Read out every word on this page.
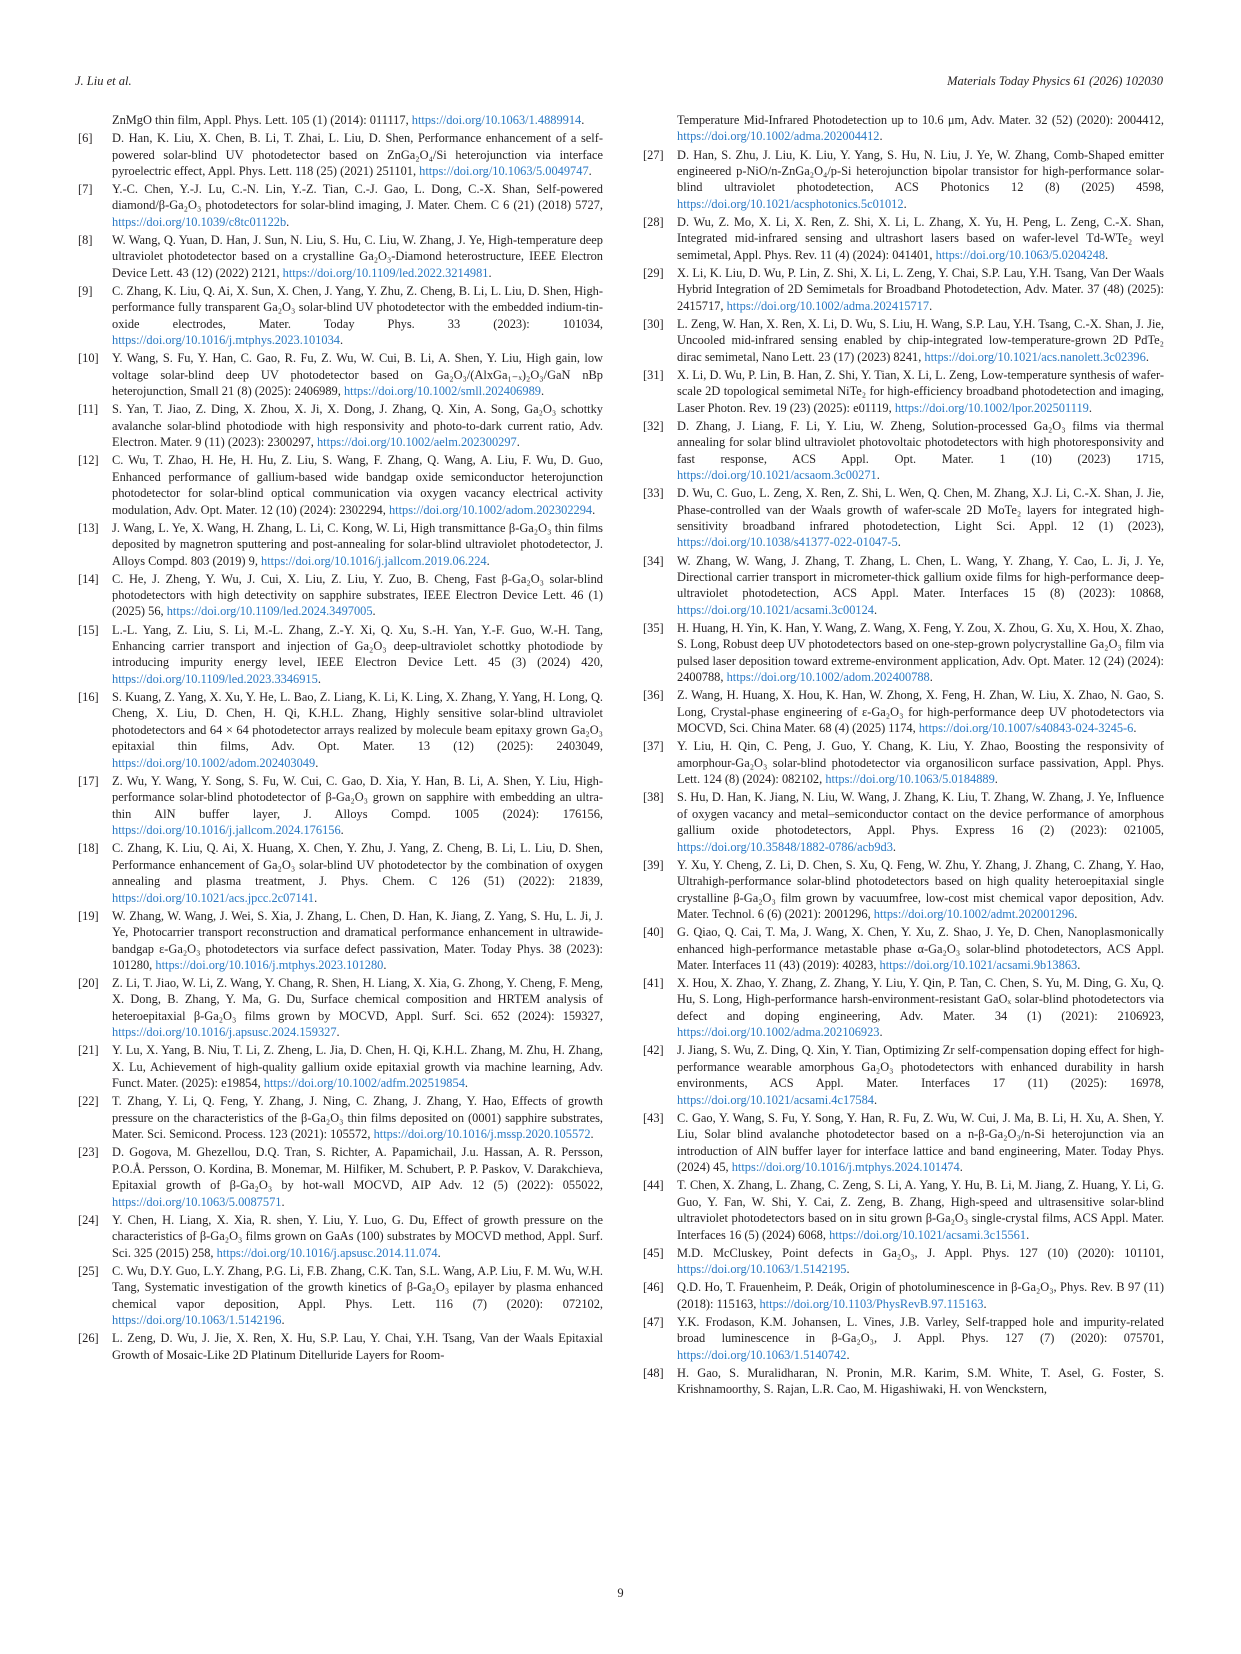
J. Liu et al.	Materials Today Physics 61 (2026) 102030

ZnMgO thin film, Appl. Phys. Lett. 105 (1) (2014): 011117, https://doi.org/10.1063/1.4889914.

[6] D. Han, K. Liu, X. Chen, B. Li, T. Zhai, L. Liu, D. Shen, Performance enhancement of a self-powered solar-blind UV photodetector based on ZnGa₂O₄/Si heterojunction via interface pyroelectric effect, Appl. Phys. Lett. 118 (25) (2021) 251101, https://doi.org/10.1063/5.0049747.

[7] Y.-C. Chen, Y.-J. Lu, C.-N. Lin, Y.-Z. Tian, C.-J. Gao, L. Dong, C.-X. Shan, Self-powered diamond/β-Ga₂O₃ photodetectors for solar-blind imaging, J. Mater. Chem. C 6 (21) (2018) 5727, https://doi.org/10.1039/c8tc01122b.

[8] W. Wang, Q. Yuan, D. Han, J. Sun, N. Liu, S. Hu, C. Liu, W. Zhang, J. Ye, High-temperature deep ultraviolet photodetector based on a crystalline Ga₂O₃-Diamond heterostructure, IEEE Electron Device Lett. 43 (12) (2022) 2121, https://doi.org/10.1109/led.2022.3214981.

[9] C. Zhang, K. Liu, Q. Ai, X. Sun, X. Chen, J. Yang, Y. Zhu, Z. Cheng, B. Li, L. Liu, D. Shen, High-performance fully transparent Ga₂O₃ solar-blind UV photodetector with the embedded indium-tin-oxide electrodes, Mater. Today Phys. 33 (2023): 101034, https://doi.org/10.1016/j.mtphys.2023.101034.

[10] Y. Wang, S. Fu, Y. Han, C. Gao, R. Fu, Z. Wu, W. Cui, B. Li, A. Shen, Y. Liu, High gain, low voltage solar-blind deep UV photodetector based on Ga₂O₃/(AlxGa₁₋ₓ)₂O₃/GaN nBp heterojunction, Small 21 (8) (2025): 2406989, https://doi.org/10.1002/smll.202406989.

[11] S. Yan, T. Jiao, Z. Ding, X. Zhou, X. Ji, X. Dong, J. Zhang, Q. Xin, A. Song, Ga₂O₃ schottky avalanche solar-blind photodiode with high responsivity and photo-to-dark current ratio, Adv. Electron. Mater. 9 (11) (2023): 2300297, https://doi.org/10.1002/aelm.202300297.

[12] C. Wu, T. Zhao, H. He, H. Hu, Z. Liu, S. Wang, F. Zhang, Q. Wang, A. Liu, F. Wu, D. Guo, Enhanced performance of gallium-based wide bandgap oxide semiconductor heterojunction photodetector for solar-blind optical communication via oxygen vacancy electrical activity modulation, Adv. Opt. Mater. 12 (10) (2024): 2302294, https://doi.org/10.1002/adom.202302294.

[13] J. Wang, L. Ye, X. Wang, H. Zhang, L. Li, C. Kong, W. Li, High transmittance β-Ga₂O₃ thin films deposited by magnetron sputtering and post-annealing for solar-blind ultraviolet photodetector, J. Alloys Compd. 803 (2019) 9, https://doi.org/10.1016/j.jallcom.2019.06.224.

[14] C. He, J. Zheng, Y. Wu, J. Cui, X. Liu, Z. Liu, Y. Zuo, B. Cheng, Fast β-Ga₂O₃ solar-blind photodetectors with high detectivity on sapphire substrates, IEEE Electron Device Lett. 46 (1) (2025) 56, https://doi.org/10.1109/led.2024.3497005.

[15] L.-L. Yang, Z. Liu, S. Li, M.-L. Zhang, Z.-Y. Xi, Q. Xu, S.-H. Yan, Y.-F. Guo, W.-H. Tang, Enhancing carrier transport and injection of Ga₂O₃ deep-ultraviolet schottky photodiode by introducing impurity energy level, IEEE Electron Device Lett. 45 (3) (2024) 420, https://doi.org/10.1109/led.2023.3346915.

[16] S. Kuang, Z. Yang, X. Xu, Y. He, L. Bao, Z. Liang, K. Li, K. Ling, X. Zhang, Y. Yang, H. Long, Q. Cheng, X. Liu, D. Chen, H. Qi, K.H.L. Zhang, Highly sensitive solar-blind ultraviolet photodetectors and 64 × 64 photodetector arrays realized by molecule beam epitaxy grown Ga₂O₃ epitaxial thin films, Adv. Opt. Mater. 13 (12) (2025): 2403049, https://doi.org/10.1002/adom.202403049.

[17] Z. Wu, Y. Wang, Y. Song, S. Fu, W. Cui, C. Gao, D. Xia, Y. Han, B. Li, A. Shen, Y. Liu, High-performance solar-blind photodetector of β-Ga₂O₃ grown on sapphire with embedding an ultra-thin AlN buffer layer, J. Alloys Compd. 1005 (2024): 176156, https://doi.org/10.1016/j.jallcom.2024.176156.

[18] C. Zhang, K. Liu, Q. Ai, X. Huang, X. Chen, Y. Zhu, J. Yang, Z. Cheng, B. Li, L. Liu, D. Shen, Performance enhancement of Ga₂O₃ solar-blind UV photodetector by the combination of oxygen annealing and plasma treatment, J. Phys. Chem. C 126 (51) (2022): 21839, https://doi.org/10.1021/acs.jpcc.2c07141.

[19] W. Zhang, W. Wang, J. Wei, S. Xia, J. Zhang, L. Chen, D. Han, K. Jiang, Z. Yang, S. Hu, L. Ji, J. Ye, Photocarrier transport reconstruction and dramatical performance enhancement in ultrawide-bandgap ε-Ga₂O₃ photodetectors via surface defect passivation, Mater. Today Phys. 38 (2023): 101280, https://doi.org/10.1016/j.mtphys.2023.101280.

[20] Z. Li, T. Jiao, W. Li, Z. Wang, Y. Chang, R. Shen, H. Liang, X. Xia, G. Zhong, Y. Cheng, F. Meng, X. Dong, B. Zhang, Y. Ma, G. Du, Surface chemical composition and HRTEM analysis of heteroepitaxial β-Ga₂O₃ films grown by MOCVD, Appl. Surf. Sci. 652 (2024): 159327, https://doi.org/10.1016/j.apsusc.2024.159327.

[21] Y. Lu, X. Yang, B. Niu, T. Li, Z. Zheng, L. Jia, D. Chen, H. Qi, K.H.L. Zhang, M. Zhu, H. Zhang, X. Lu, Achievement of high-quality gallium oxide epitaxial growth via machine learning, Adv. Funct. Mater. (2025): e19854, https://doi.org/10.1002/adfm.202519854.

[22] T. Zhang, Y. Li, Q. Feng, Y. Zhang, J. Ning, C. Zhang, J. Zhang, Y. Hao, Effects of growth pressure on the characteristics of the β-Ga₂O₃ thin films deposited on (0001) sapphire substrates, Mater. Sci. Semicond. Process. 123 (2021): 105572, https://doi.org/10.1016/j.mssp.2020.105572.

[23] D. Gogova, M. Ghezellou, D.Q. Tran, S. Richter, A. Papamichail, J.u. Hassan, A. R. Persson, P.O.Å. Persson, O. Kordina, B. Monemar, M. Hilfiker, M. Schubert, P. P. Paskov, V. Darakchieva, Epitaxial growth of β-Ga₂O₃ by hot-wall MOCVD, AIP Adv. 12 (5) (2022): 055022, https://doi.org/10.1063/5.0087571.

[24] Y. Chen, H. Liang, X. Xia, R. shen, Y. Liu, Y. Luo, G. Du, Effect of growth pressure on the characteristics of β-Ga₂O₃ films grown on GaAs (100) substrates by MOCVD method, Appl. Surf. Sci. 325 (2015) 258, https://doi.org/10.1016/j.apsusc.2014.11.074.

[25] C. Wu, D.Y. Guo, L.Y. Zhang, P.G. Li, F.B. Zhang, C.K. Tan, S.L. Wang, A.P. Liu, F. M. Wu, W.H. Tang, Systematic investigation of the growth kinetics of β-Ga₂O₃ epilayer by plasma enhanced chemical vapor deposition, Appl. Phys. Lett. 116 (7) (2020): 072102, https://doi.org/10.1063/1.5142196.

[26] L. Zeng, D. Wu, J. Jie, X. Ren, X. Hu, S.P. Lau, Y. Chai, Y.H. Tsang, Van der Waals Epitaxial Growth of Mosaic-Like 2D Platinum Ditelluride Layers for Room-

Temperature Mid-Infrared Photodetection up to 10.6 μm, Adv. Mater. 32 (52) (2020): 2004412, https://doi.org/10.1002/adma.202004412.

[27] D. Han, S. Zhu, J. Liu, K. Liu, Y. Yang, S. Hu, N. Liu, J. Ye, W. Zhang, Comb-Shaped emitter engineered p-NiO/n-ZnGa₂O₄/p-Si heterojunction bipolar transistor for high-performance solar-blind ultraviolet photodetection, ACS Photonics 12 (8) (2025) 4598, https://doi.org/10.1021/acsphotonics.5c01012.

[28] D. Wu, Z. Mo, X. Li, X. Ren, Z. Shi, X. Li, L. Zhang, X. Yu, H. Peng, L. Zeng, C.-X. Shan, Integrated mid-infrared sensing and ultrashort lasers based on wafer-level Td-WTe₂ weyl semimetal, Appl. Phys. Rev. 11 (4) (2024): 041401, https://doi.org/10.1063/5.0204248.

[29] X. Li, K. Liu, D. Wu, P. Lin, Z. Shi, X. Li, L. Zeng, Y. Chai, S.P. Lau, Y.H. Tsang, Van Der Waals Hybrid Integration of 2D Semimetals for Broadband Photodetection, Adv. Mater. 37 (48) (2025): 2415717, https://doi.org/10.1002/adma.202415717.

[30] L. Zeng, W. Han, X. Ren, X. Li, D. Wu, S. Liu, H. Wang, S.P. Lau, Y.H. Tsang, C.-X. Shan, J. Jie, Uncooled mid-infrared sensing enabled by chip-integrated low-temperature-grown 2D PdTe₂ dirac semimetal, Nano Lett. 23 (17) (2023) 8241, https://doi.org/10.1021/acs.nanolett.3c02396.

[31] X. Li, D. Wu, P. Lin, B. Han, Z. Shi, Y. Tian, X. Li, L. Zeng, Low-temperature synthesis of wafer-scale 2D topological semimetal NiTe₂ for high-efficiency broadband photodetection and imaging, Laser Photon. Rev. 19 (23) (2025): e01119, https://doi.org/10.1002/lpor.202501119.

[32] D. Zhang, J. Liang, F. Li, Y. Liu, W. Zheng, Solution-processed Ga₂O₃ films via thermal annealing for solar blind ultraviolet photovoltaic photodetectors with high photoresponsivity and fast response, ACS Appl. Opt. Mater. 1 (10) (2023) 1715, https://doi.org/10.1021/acsaom.3c00271.

[33] D. Wu, C. Guo, L. Zeng, X. Ren, Z. Shi, L. Wen, Q. Chen, M. Zhang, X.J. Li, C.-X. Shan, J. Jie, Phase-controlled van der Waals growth of wafer-scale 2D MoTe₂ layers for integrated high-sensitivity broadband infrared photodetection, Light Sci. Appl. 12 (1) (2023), https://doi.org/10.1038/s41377-022-01047-5.

[34] W. Zhang, W. Wang, J. Zhang, T. Zhang, L. Chen, L. Wang, Y. Zhang, Y. Cao, L. Ji, J. Ye, Directional carrier transport in micrometer-thick gallium oxide films for high-performance deep-ultraviolet photodetection, ACS Appl. Mater. Interfaces 15 (8) (2023): 10868, https://doi.org/10.1021/acsami.3c00124.

[35] H. Huang, H. Yin, K. Han, Y. Wang, Z. Wang, X. Feng, Y. Zou, X. Zhou, G. Xu, X. Hou, X. Zhao, S. Long, Robust deep UV photodetectors based on one-step-grown polycrystalline Ga₂O₃ film via pulsed laser deposition toward extreme-environment application, Adv. Opt. Mater. 12 (24) (2024): 2400788, https://doi.org/10.1002/adom.202400788.

[36] Z. Wang, H. Huang, X. Hou, K. Han, W. Zhong, X. Feng, H. Zhan, W. Liu, X. Zhao, N. Gao, S. Long, Crystal-phase engineering of ε-Ga₂O₃ for high-performance deep UV photodetectors via MOCVD, Sci. China Mater. 68 (4) (2025) 1174, https://doi.org/10.1007/s40843-024-3245-6.

[37] Y. Liu, H. Qin, C. Peng, J. Guo, Y. Chang, K. Liu, Y. Zhao, Boosting the responsivity of amorphour-Ga₂O₃ solar-blind photodetector via organosilicon surface passivation, Appl. Phys. Lett. 124 (8) (2024): 082102, https://doi.org/10.1063/5.0184889.

[38] S. Hu, D. Han, K. Jiang, N. Liu, W. Wang, J. Zhang, K. Liu, T. Zhang, W. Zhang, J. Ye, Influence of oxygen vacancy and metal–semiconductor contact on the device performance of amorphous gallium oxide photodetectors, Appl. Phys. Express 16 (2) (2023): 021005, https://doi.org/10.35848/1882-0786/acb9d3.

[39] Y. Xu, Y. Cheng, Z. Li, D. Chen, S. Xu, Q. Feng, W. Zhu, Y. Zhang, J. Zhang, C. Zhang, Y. Hao, Ultrahigh-performance solar-blind photodetectors based on high quality heteroepitaxial single crystalline β-Ga₂O₃ film grown by vacuumfree, low-cost mist chemical vapor deposition, Adv. Mater. Technol. 6 (6) (2021): 2001296, https://doi.org/10.1002/admt.202001296.

[40] G. Qiao, Q. Cai, T. Ma, J. Wang, X. Chen, Y. Xu, Z. Shao, J. Ye, D. Chen, Nanoplasmonically enhanced high-performance metastable phase α-Ga₂O₃ solar-blind photodetectors, ACS Appl. Mater. Interfaces 11 (43) (2019): 40283, https://doi.org/10.1021/acsami.9b13863.

[41] X. Hou, X. Zhao, Y. Zhang, Z. Zhang, Y. Liu, Y. Qin, P. Tan, C. Chen, S. Yu, M. Ding, G. Xu, Q. Hu, S. Long, High-performance harsh-environment-resistant GaOₓ solar-blind photodetectors via defect and doping engineering, Adv. Mater. 34 (1) (2021): 2106923, https://doi.org/10.1002/adma.202106923.

[42] J. Jiang, S. Wu, Z. Ding, Q. Xin, Y. Tian, Optimizing Zr self-compensation doping effect for high-performance wearable amorphous Ga₂O₃ photodetectors with enhanced durability in harsh environments, ACS Appl. Mater. Interfaces 17 (11) (2025): 16978, https://doi.org/10.1021/acsami.4c17584.

[43] C. Gao, Y. Wang, S. Fu, Y. Song, Y. Han, R. Fu, Z. Wu, W. Cui, J. Ma, B. Li, H. Xu, A. Shen, Y. Liu, Solar blind avalanche photodetector based on a n-β-Ga₂O₃/n-Si heterojunction via an introduction of AlN buffer layer for interface lattice and band engineering, Mater. Today Phys. (2024) 45, https://doi.org/10.1016/j.mtphys.2024.101474.

[44] T. Chen, X. Zhang, L. Zhang, C. Zeng, S. Li, A. Yang, Y. Hu, B. Li, M. Jiang, Z. Huang, Y. Li, G. Guo, Y. Fan, W. Shi, Y. Cai, Z. Zeng, B. Zhang, High-speed and ultrasensitive solar-blind ultraviolet photodetectors based on in situ grown β-Ga₂O₃ single-crystal films, ACS Appl. Mater. Interfaces 16 (5) (2024) 6068, https://doi.org/10.1021/acsami.3c15561.

[45] M.D. McCluskey, Point defects in Ga₂O₃, J. Appl. Phys. 127 (10) (2020): 101101, https://doi.org/10.1063/1.5142195.

[46] Q.D. Ho, T. Frauenheim, P. Deák, Origin of photoluminescence in β-Ga₂O₃, Phys. Rev. B 97 (11) (2018): 115163, https://doi.org/10.1103/PhysRevB.97.115163.

[47] Y.K. Frodason, K.M. Johansen, L. Vines, J.B. Varley, Self-trapped hole and impurity-related broad luminescence in β-Ga₂O₃, J. Appl. Phys. 127 (7) (2020): 075701, https://doi.org/10.1063/1.5140742.

[48] H. Gao, S. Muralidharan, N. Pronin, M.R. Karim, S.M. White, T. Asel, G. Foster, S. Krishnamoorthy, S. Rajan, L.R. Cao, M. Higashiwaki, H. von Wenckstern,

9
